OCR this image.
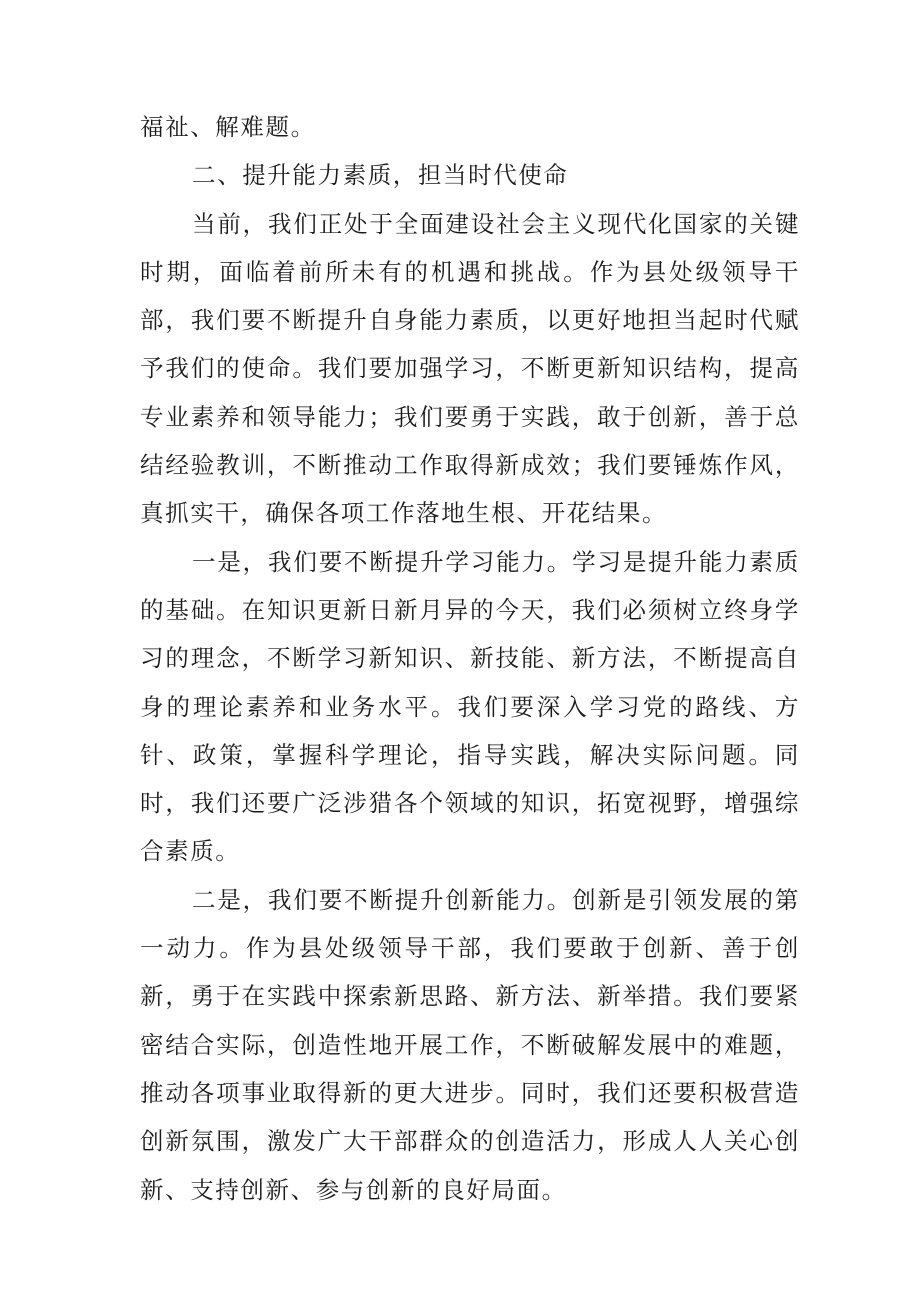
福祉、解难题。

二、提升能力素质，担当时代使命

当前，我们正处于全面建设社会主义现代化国家的关键时期，面临着前所未有的机遇和挑战。作为县处级领导干部，我们要不断提升自身能力素质，以更好地担当起时代赋予我们的使命。我们要加强学习，不断更新知识结构，提高专业素养和领导能力；我们要勇于实践，敢于创新，善于总结经验教训，不断推动工作取得新成效；我们要锤炼作风，真抓实干，确保各项工作落地生根、开花结果。

一是，我们要不断提升学习能力。学习是提升能力素质的基础。在知识更新日新月异的今天，我们必须树立终身学习的理念，不断学习新知识、新技能、新方法，不断提高自身的理论素养和业务水平。我们要深入学习党的路线、方针、政策，掌握科学理论，指导实践，解决实际问题。同时，我们还要广泛涉猎各个领域的知识，拓宽视野，增强综合素质。

二是，我们要不断提升创新能力。创新是引领发展的第一动力。作为县处级领导干部，我们要敢于创新、善于创新，勇于在实践中探索新思路、新方法、新举措。我们要紧密结合实际，创造性地开展工作，不断破解发展中的难题，推动各项事业取得新的更大进步。同时，我们还要积极营造创新氛围，激发广大干部群众的创造活力，形成人人关心创新、支持创新、参与创新的良好局面。
